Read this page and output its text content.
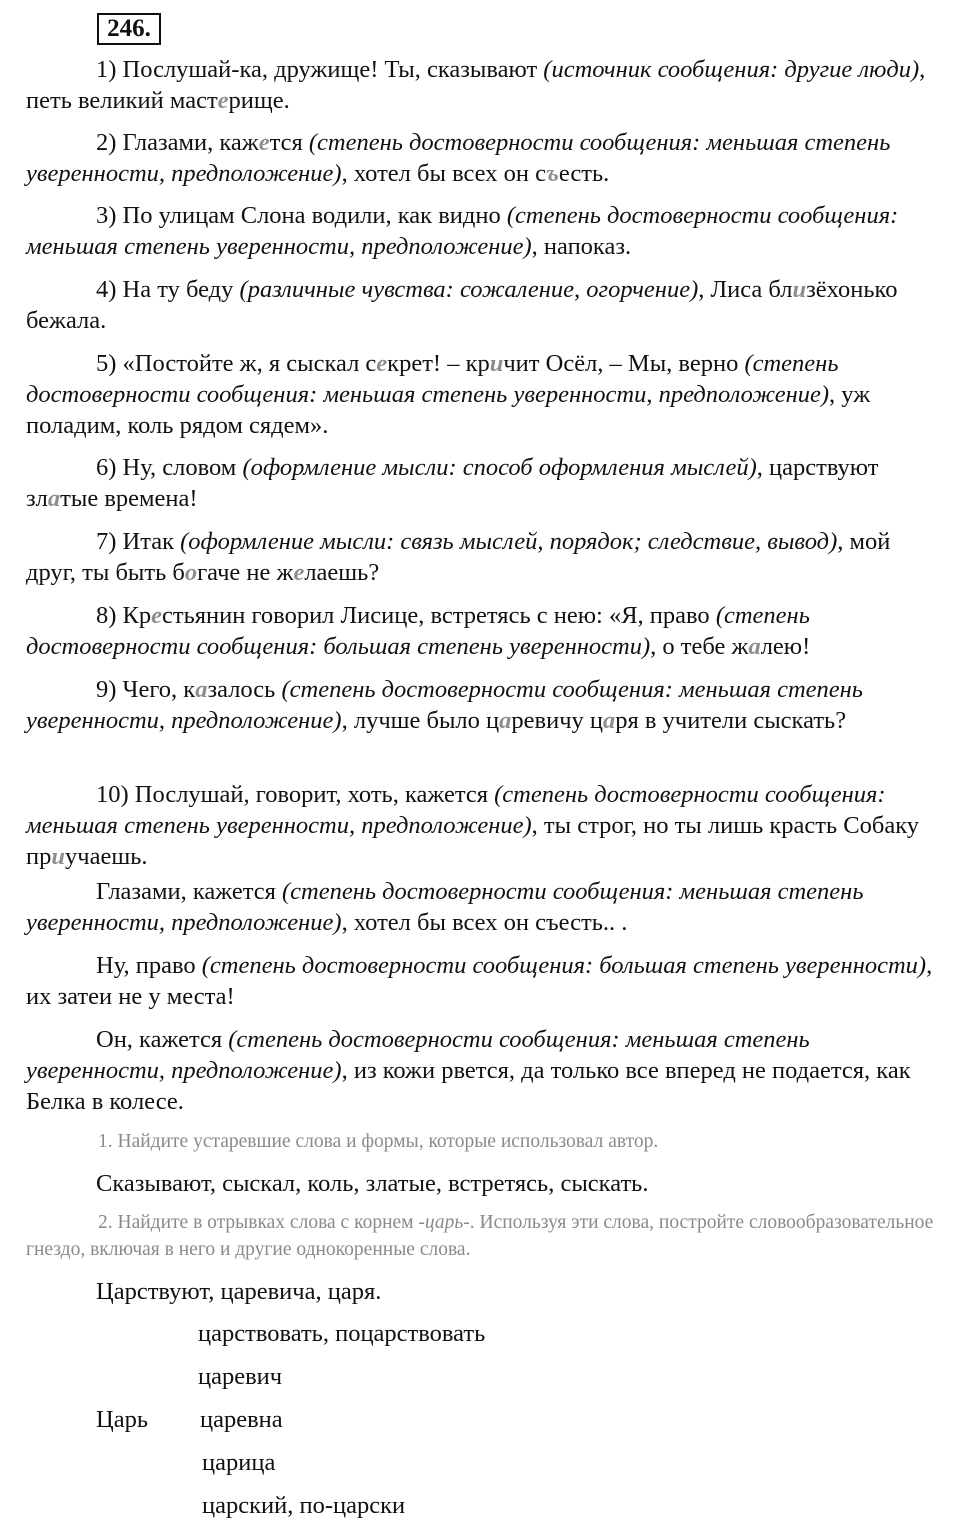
246.

1) Послушай-ка, дружище! Ты, сказывают (источник сообщения: другие люди), петь великий мастерище.

2) Глазами, кажется (степень достоверности сообщения: меньшая степень уверенности, предположение), хотел бы всех он съесть.

3) По улицам Слона водили, как видно (степень достоверности сообщения: меньшая степень уверенности, предположение), напоказ.

4) На ту беду (различные чувства: сожаление, огорчение), Лиса близёхонько бежала.

5) «Постойте ж, я сыскал секрет! – кричит Осёл, – Мы, верно (степень достоверности сообщения: меньшая степень уверенности, предположение), уж поладим, коль рядом сядем».

6) Ну, словом (оформление мысли: способ оформления мыслей), царствуют златые времена!

7) Итак (оформление мысли: связь мыслей, порядок; следствие, вывод), мой друг, ты быть богаче не желаешь?

8) Крестьянин говорил Лисице, встретясь с нею: «Я, право (степень достоверности сообщения: большая степень уверенности), о тебе жалею!

9) Чего, казалось (степень достоверности сообщения: меньшая степень уверенности, предположение), лучше было царевичу царя в учители сыскать?

10) Послушай, говорит, хоть, кажется (степень достоверности сообщения: меньшая степень уверенности, предположение), ты строг, но ты лишь красть Собаку приучаешь.

Глазами, кажется (степень достоверности сообщения: меньшая степень уверенности, предположение), хотел бы всех он съесть.. .

Ну, право (степень достоверности сообщения: большая степень уверенности), их затеи не у места!

Он, кажется (степень достоверности сообщения: меньшая степень уверенности, предположение), из кожи рвется, да только все вперед не подается, как Белка в колесе.

1. Найдите устаревшие слова и формы, которые использовал автор.

Сказывают, сыскал, коль, златые, встретясь, сыскать.

2. Найдите в отрывках слова с корнем -царь-. Используя эти слова, постройте словообразовательное гнездо, включая в него и другие однокоренные слова.

Царствуют, царевича, царя.

Царь

царствовать, поцарствовать

царевич

царевна

царица

царский, по-царски
